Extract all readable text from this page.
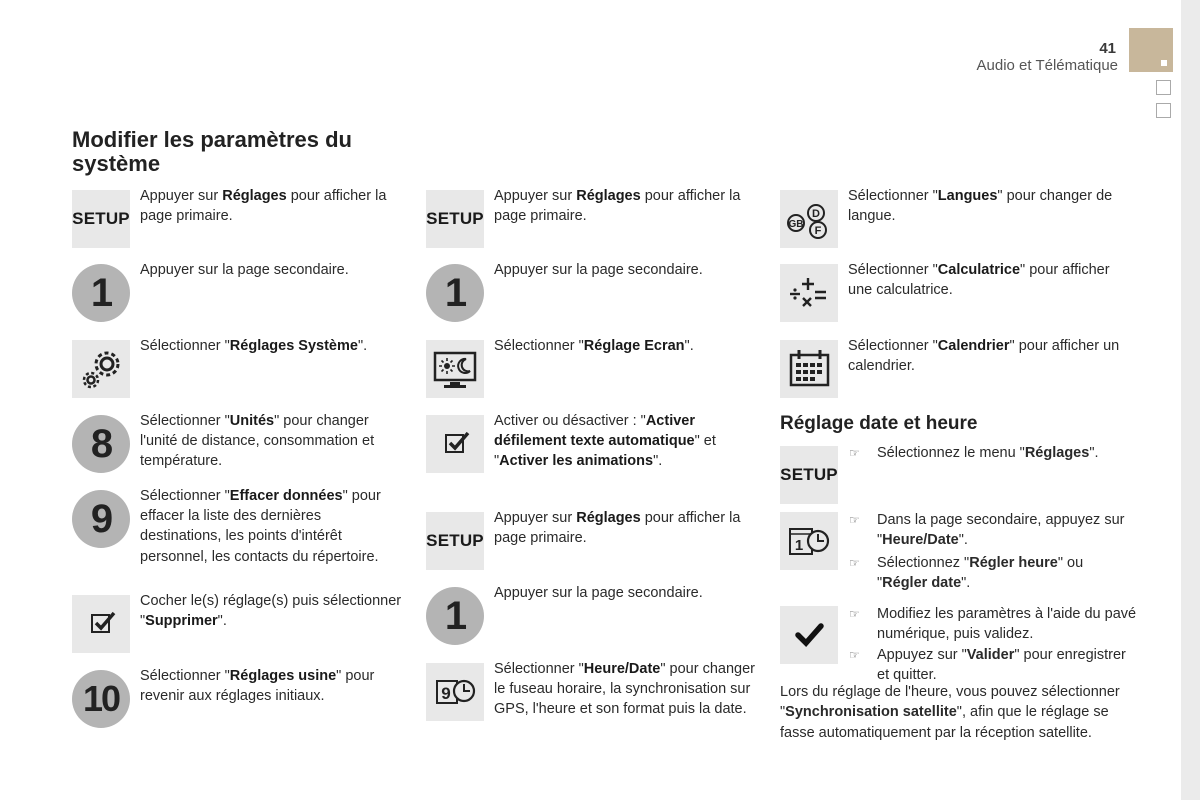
41
Audio et Télématique
Modifier les paramètres du système
SETUP
Appuyer sur Réglages pour afficher la page primaire.
1
Appuyer sur la page secondaire.
Sélectionner "Réglages Système".
8
Sélectionner "Unités" pour changer l'unité de distance, consommation et température.
9
Sélectionner "Effacer données" pour effacer la liste des dernières destinations, les points d'intérêt personnel, les contacts du répertoire.
Cocher le(s) réglage(s) puis sélectionner "Supprimer".
10
Sélectionner "Réglages usine" pour revenir aux réglages initiaux.
SETUP
Appuyer sur Réglages pour afficher la page primaire.
1
Appuyer sur la page secondaire.
Sélectionner "Réglage Ecran".
Activer ou désactiver : "Activer défilement texte automatique" et "Activer les animations".
SETUP
Appuyer sur Réglages pour afficher la page primaire.
1
Appuyer sur la page secondaire.
9
Sélectionner "Heure/Date" pour changer le fuseau horaire, la synchronisation sur GPS, l'heure et son format puis la date.
GB
D
F
Sélectionner "Langues" pour changer de langue.
Sélectionner "Calculatrice" pour afficher une calculatrice.
Sélectionner "Calendrier" pour afficher un calendrier.
Réglage date et heure
SETUP
1
☞ Sélectionnez le menu "Réglages".
☞ Dans la page secondaire, appuyez sur "Heure/Date".
☞ Sélectionnez "Régler heure" ou "Régler date".
☞ Modifiez les paramètres à l'aide du pavé numérique, puis validez.
☞ Appuyez sur "Valider" pour enregistrer et quitter.
Lors du réglage de l'heure, vous pouvez sélectionner "Synchronisation satellite", afin que le réglage se fasse automatiquement par la réception satellite.
